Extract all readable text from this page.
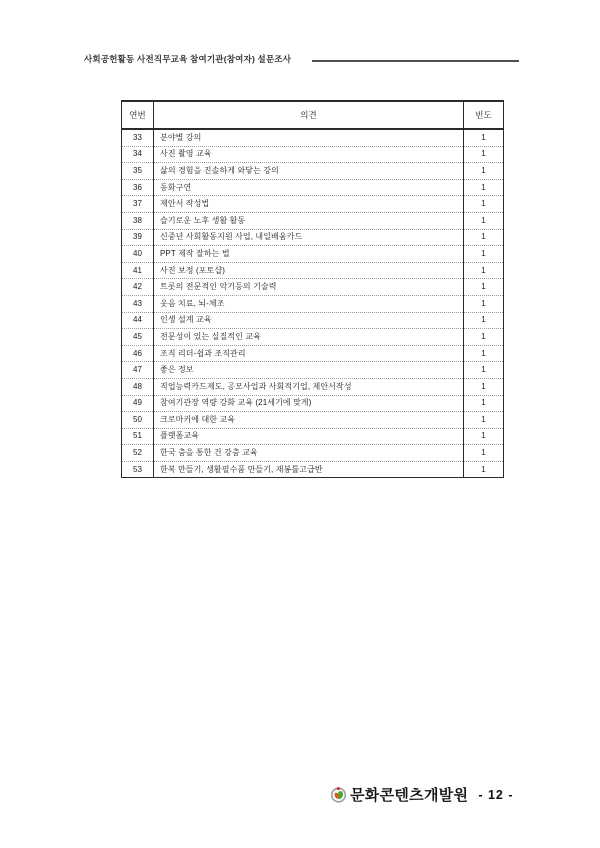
사회공헌활동 사전직무교육 참여기관(참여자) 설문조사
연번	의견	빈도
33	분야별 강의	1
34	사진 촬영 교육	1
35	삶의 경험을 진솔하게 와닿는 강의	1
36	동화구연	1
37	제안서 작성법	1
38	슬기로운 노후 생활 활동	1
39	신중년 사회활동지원 사업, 내일배움카드	1
40	PPT 제작 잘하는 법	1
41	사진 보정 (포토샵)	1
42	트롯의 전문적인 악기등의 기술력	1
43	웃음 치료, 뇌-체조	1
44	인생 설계 교육	1
45	전문성이 있는 실질적인 교육	1
46	조직 리더-쉽과 조직관리	1
47	좋은 정보	1
48	직업능력카드제도, 공모사업과 사회적기업, 제안서작성	1
49	참여기관장 역량 강화 교육 (21세기에 맞게)	1
50	크로마키에 대한 교육	1
51	플랫폼교육	1
52	한국 춤을 통한 건 강춤 교육	1
53	한복 만들기, 생활필수품 만들기, 재봉틀고급반	1
문화콘텐츠개발원 - 12 -
